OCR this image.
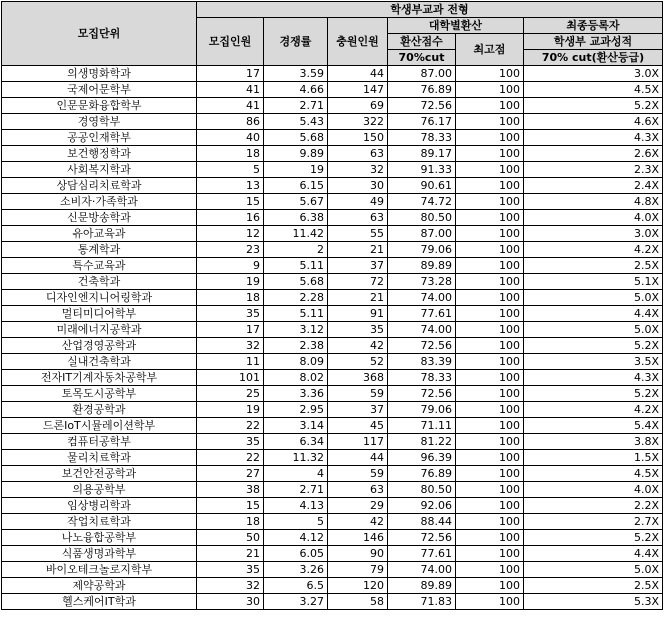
모집단위	학생부교과 전형					
	모집인원	경쟁률	충원인원	대학별환산		최종등록자
				환산점수	최고점	학생부 교과성적
				70%cut		70% cut(환산등급)
의생명화학과	17	3.59	44	87.00	100	3.0X
국제어문학부	41	4.66	147	76.89	100	4.5X
인문문화융합학부	41	2.71	69	72.56	100	5.2X
경영학부	86	5.43	322	76.17	100	4.6X
공공인재학부	40	5.68	150	78.33	100	4.3X
보건행정학과	18	9.89	63	89.17	100	2.6X
사회복지학과	5	19	32	91.33	100	2.3X
상담심리치료학과	13	6.15	30	90.61	100	2.4X
소비자·가족학과	15	5.67	49	74.72	100	4.8X
신문방송학과	16	6.38	63	80.50	100	4.0X
유아교육과	12	11.42	55	87.00	100	3.0X
통계학과	23	2	21	79.06	100	4.2X
특수교육과	9	5.11	37	89.89	100	2.5X
건축학과	19	5.68	72	73.28	100	5.1X
디자인엔지니어링학과	18	2.28	21	74.00	100	5.0X
멀티미디어학부	35	5.11	91	77.61	100	4.4X
미래에너지공학과	17	3.12	35	74.00	100	5.0X
산업경영공학과	32	2.38	42	72.56	100	5.2X
실내건축학과	11	8.09	52	83.39	100	3.5X
전자IT기계자동차공학부	101	8.02	368	78.33	100	4.3X
토목도시공학부	25	3.36	59	72.56	100	5.2X
환경공학과	19	2.95	37	79.06	100	4.2X
드론IoT시뮬레이션학부	22	3.14	45	71.11	100	5.4X
컴퓨터공학부	35	6.34	117	81.22	100	3.8X
물리치료학과	22	11.32	44	96.39	100	1.5X
보건안전공학과	27	4	59	76.89	100	4.5X
의용공학부	38	2.71	63	80.50	100	4.0X
임상병리학과	15	4.13	29	92.06	100	2.2X
작업치료학과	18	5	42	88.44	100	2.7X
나노융합공학부	50	4.12	146	72.56	100	5.2X
식품생명과학부	21	6.05	90	77.61	100	4.4X
바이오테크놀로지학부	35	3.26	79	74.00	100	5.0X
제약공학과	32	6.5	120	89.89	100	2.5X
헬스케어IT학과	30	3.27	58	71.83	100	5.3X
